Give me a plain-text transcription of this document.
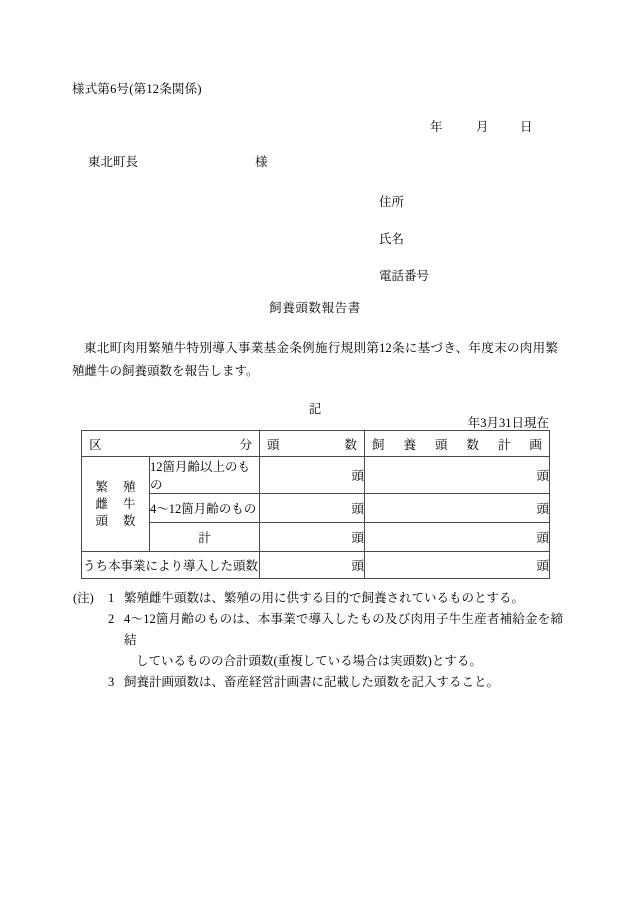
様式第6号(第12条関係)
年	月	日
東北町長	様
住所
氏名
電話番号
飼養頭数報告書
東北町肉用繁殖牛特別導入事業基金条例施行規則第12条に基づき、年度末の肉用繁殖雌牛の飼養頭数を報告します。
記
年3月31日現在
区	分	頭	数	飼 養 頭 数 計 画

繁 殖
雌 牛
頭 数
	12箇月齢以上のもの	頭	頭
	4〜12箇月齢のもの	頭	頭
	計	頭	頭
うち本事業により導入した頭数		頭	頭
(注)	1 繁殖雌牛頭数は、繁殖の用に供する目的で飼養されているものとする。
2 4〜12箇月齢のものは、本事業で導入したもの及び肉用子牛生産者補給金を締結
しているものの合計頭数(重複している場合は実頭数)とする。
3 飼養計画頭数は、畜産経営計画書に記載した頭数を記入すること。
